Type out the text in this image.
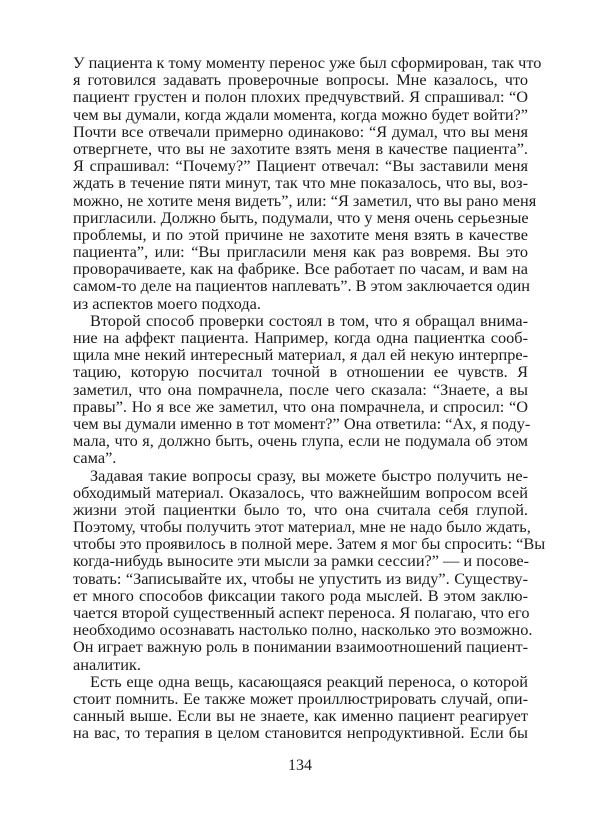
У пациента к тому моменту перенос уже был сформирован, так что
я готовился задавать проверочные вопросы. Мне казалось, что
пациент грустен и полон плохих предчувствий. Я спрашивал: “О
чем вы думали, когда ждали момента, когда можно будет войти?”
Почти все отвечали примерно одинаково: “Я думал, что вы меня
отвергнете, что вы не захотите взять меня в качестве пациента”.
Я спрашивал: “Почему?” Пациент отвечал: “Вы заставили меня
ждать в течение пяти минут, так что мне показалось, что вы, воз-
можно, не хотите меня видеть”, или: “Я заметил, что вы рано меня
пригласили. Должно быть, подумали, что у меня очень серьезные
проблемы, и по этой причине не захотите меня взять в качестве
пациента”, или: “Вы пригласили меня как раз вовремя. Вы это
проворачиваете, как на фабрике. Все работает по часам, и вам на
самом-то деле на пациентов наплевать”. В этом заключается один
из аспектов моего подхода.
Второй способ проверки состоял в том, что я обращал внима-
ние на аффект пациента. Например, когда одна пациентка сооб-
щила мне некий интересный материал, я дал ей некую интерпре-
тацию, которую посчитал точной в отношении ее чувств. Я
заметил, что она помрачнела, после чего сказала: “Знаете, а вы
правы”. Но я все же заметил, что она помрачнела, и спросил: “О
чем вы думали именно в тот момент?” Она ответила: “Ах, я поду-
мала, что я, должно быть, очень глупа, если не подумала об этом
сама”.
Задавая такие вопросы сразу, вы можете быстро получить не-
обходимый материал. Оказалось, что важнейшим вопросом всей
жизни этой пациентки было то, что она считала себя глупой.
Поэтому, чтобы получить этот материал, мне не надо было ждать,
чтобы это проявилось в полной мере. Затем я мог бы спросить: “Вы
когда-нибудь выносите эти мысли за рамки сессии?” — и посове-
товать: “Записывайте их, чтобы не упустить из виду”. Существу-
ет много способов фиксации такого рода мыслей. В этом заклю-
чается второй существенный аспект переноса. Я полагаю, что его
необходимо осознавать настолько полно, насколько это возможно.
Он играет важную роль в понимании взаимоотношений пациент-
аналитик.
Есть еще одна вещь, касающаяся реакций переноса, о которой
стоит помнить. Ее также может проиллюстрировать случай, опи-
санный выше. Если вы не знаете, как именно пациент реагирует
на вас, то терапия в целом становится непродуктивной. Если бы
134
